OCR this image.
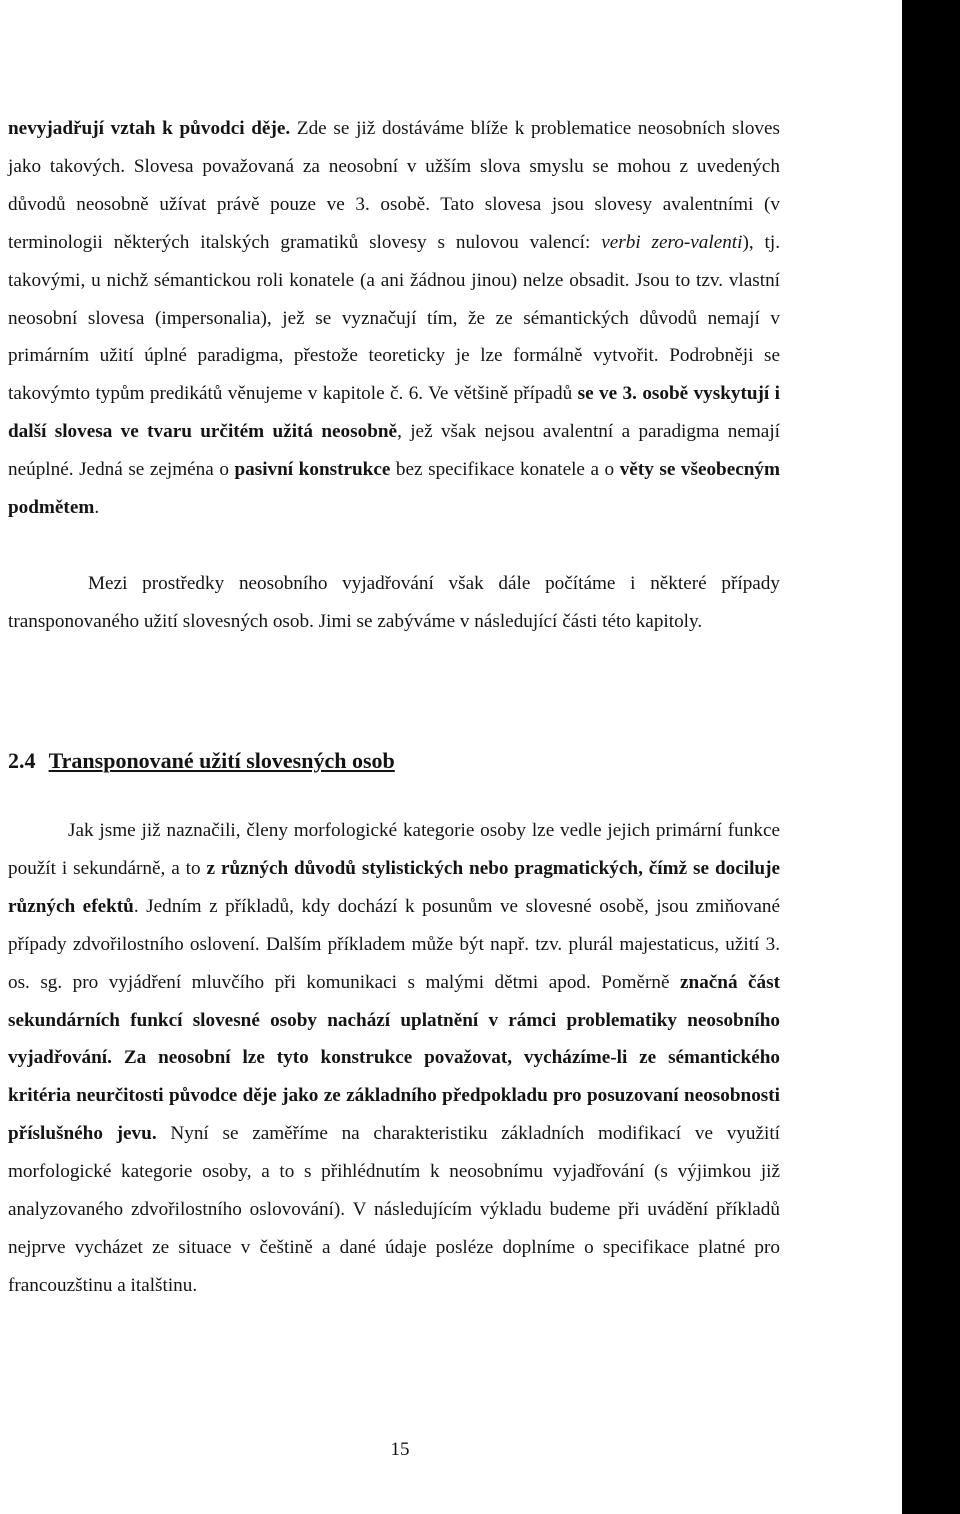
nevyjadřují vztah k původci děje. Zde se již dostáváme blíže k problematice neosobních sloves jako takových. Slovesa považovaná za neosobní v užším slova smyslu se mohou z uvedených důvodů neosobně užívat právě pouze ve 3. osobě. Tato slovesa jsou slovesy avalentními (v terminologii některých italských gramatiků slovesy s nulovou valencí: verbi zero-valenti), tj. takovými, u nichž sémantickou roli konatele (a ani žádnou jinou) nelze obsadit. Jsou to tzv. vlastní neosobní slovesa (impersonalia), jež se vyznačují tím, že ze sémantických důvodů nemají v primárním užití úplné paradigma, přestože teoreticky je lze formálně vytvořit. Podrobněji se takovýmto typům predikátů věnujeme v kapitole č. 6. Ve většině případů se ve 3. osobě vyskytují i další slovesa ve tvaru určitém užitá neosobně, jež však nejsou avalentní a paradigma nemají neúplné. Jedná se zejména o pasivní konstrukce bez specifikace konatele a o věty se všeobecným podmětem.

Mezi prostředky neosobního vyjadřování však dále počítáme i některé případy transponovaného užití slovesných osob. Jimi se zabýváme v následující části této kapitoly.

2.4 Transponované užití slovesných osob

Jak jsme již naznačili, členy morfologické kategorie osoby lze vedle jejich primární funkce použít i sekundárně, a to z různých důvodů stylistických nebo pragmatických, čímž se dociluje různých efektů. Jedním z příkladů, kdy dochází k posunům ve slovesné osobě, jsou zmiňované případy zdvořilostního oslovení. Dalším příkladem může být např. tzv. plurál majestaticus, užití 3. os. sg. pro vyjádření mluvčího při komunikaci s malými dětmi apod. Poměrně značná část sekundárních funkcí slovesné osoby nachází uplatnění v rámci problematiky neosobního vyjadřování. Za neosobní lze tyto konstrukce považovat, vycházíme-li ze sémantického kritéria neurčitosti původce děje jako ze základního předpokladu pro posuzovaní neosobnosti příslušného jevu. Nyní se zaměříme na charakteristiku základních modifikací ve využití morfologické kategorie osoby, a to s přihlédnutím k neosobnímu vyjadřování (s výjimkou již analyzovaného zdvořilostního oslovování). V následujícím výkladu budeme při uvádění příkladů nejprve vycházet ze situace v češtině a dané údaje posléze doplníme o specifikace platné pro francouzštinu a italštinu.

15
